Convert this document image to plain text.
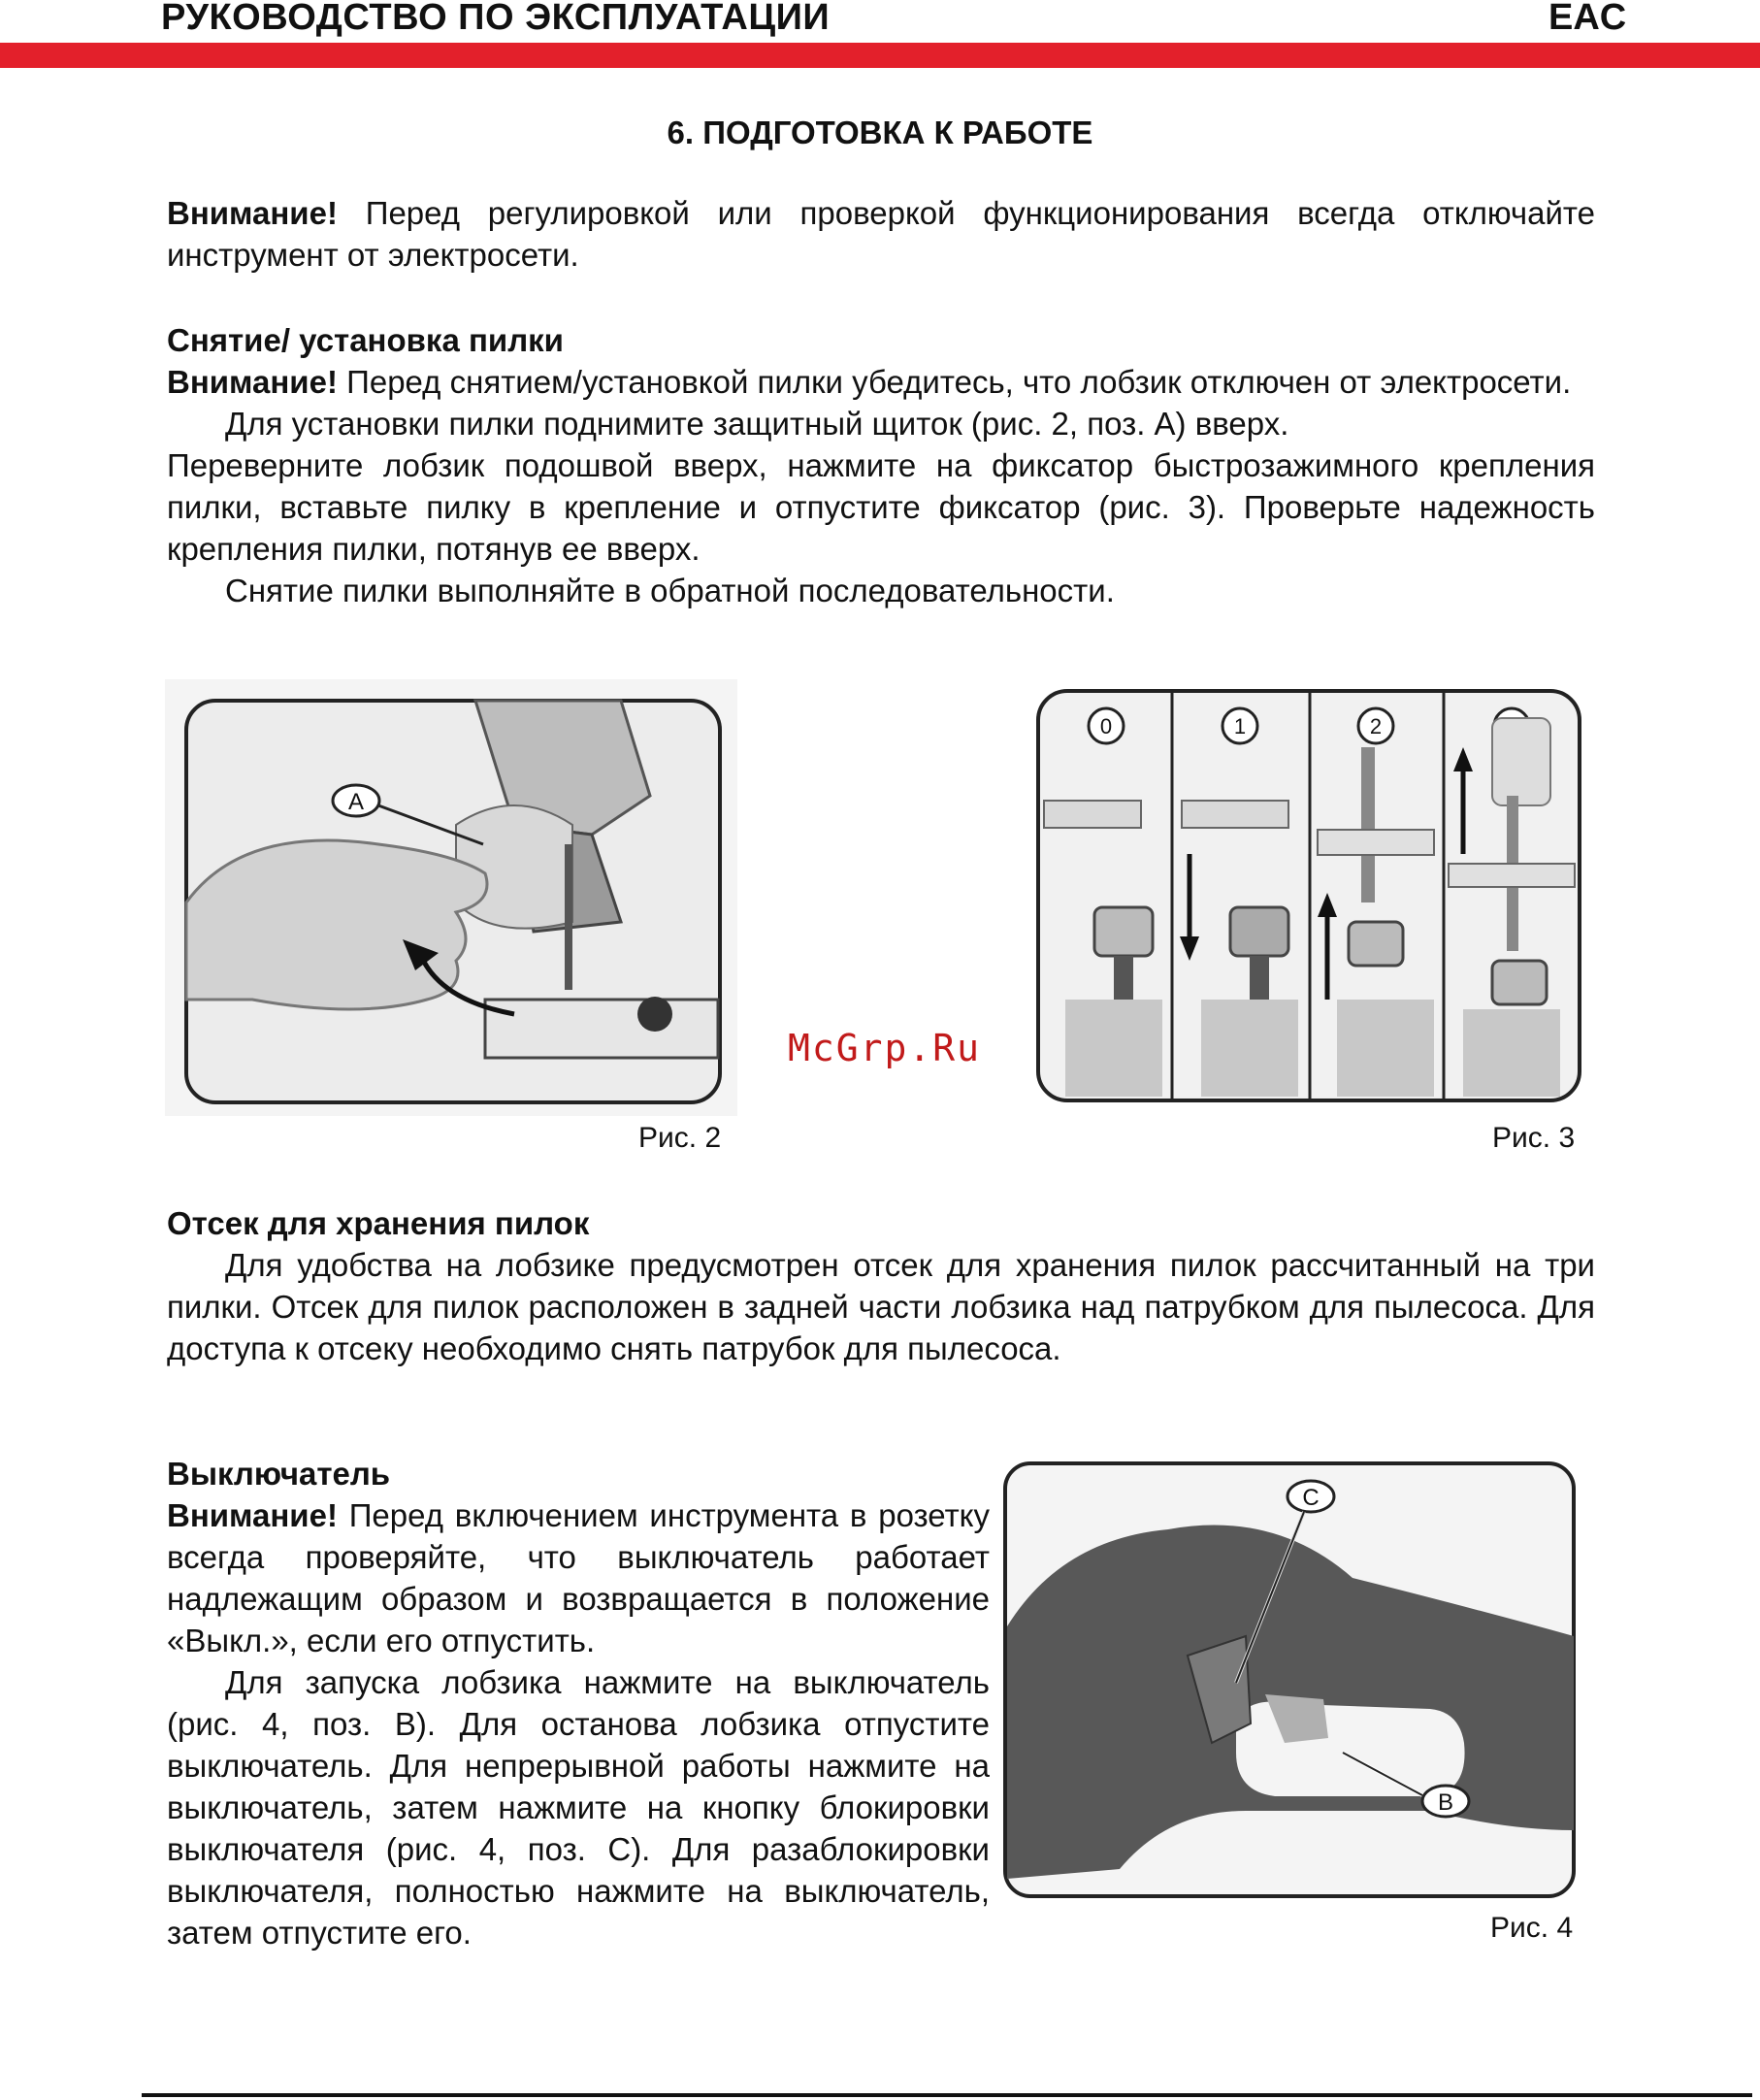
РУКОВОДСТВО ПО ЭКСПЛУАТАЦИИ	EAC
6. ПОДГОТОВКА К РАБОТЕ

Внимание! Перед регулировкой или проверкой функционирования всегда отключайте инструмент от электросети.

Снятие/ установка пилки

Внимание! Перед снятием/установкой пилки убедитесь, что лобзик отключен от электросети.

Для установки пилки поднимите защитный щиток (рис. 2, поз. А) вверх.

Переверните лобзик подошвой вверх, нажмите на фиксатор быстрозажимного крепления пилки, вставьте пилку в крепление и отпустите фиксатор (рис. 3). Проверьте надежность крепления пилки, потянув ее вверх.

Снятие пилки выполняйте в обратной последовательности.

A
Рис. 2
McGrp.Ru
0	1	2
Рис. 3

Отсек для хранения пилок

Для удобства на лобзике предусмотрен отсек для хранения пилок рассчитанный на три пилки. Отсек для пилок расположен в задней части лобзика над патрубком для пылесоса. Для доступа к отсеку необходимо снять патрубок для пылесоса.

Выключатель

Внимание! Перед включением инструмента в розетку всегда проверяйте, что выключатель работает надлежащим образом и возвращается в положение «Выкл.», если его отпустить.

Для запуска лобзика нажмите на выключатель (рис. 4, поз. B). Для останова лобзика отпустите выключатель. Для непрерывной работы нажмите на выключатель, затем нажмите на кнопку блокировки выключателя (рис. 4, поз. C). Для разаблокировки выключателя, полностью нажмите на выключатель, затем отпустите его.

C
B
Рис. 4
